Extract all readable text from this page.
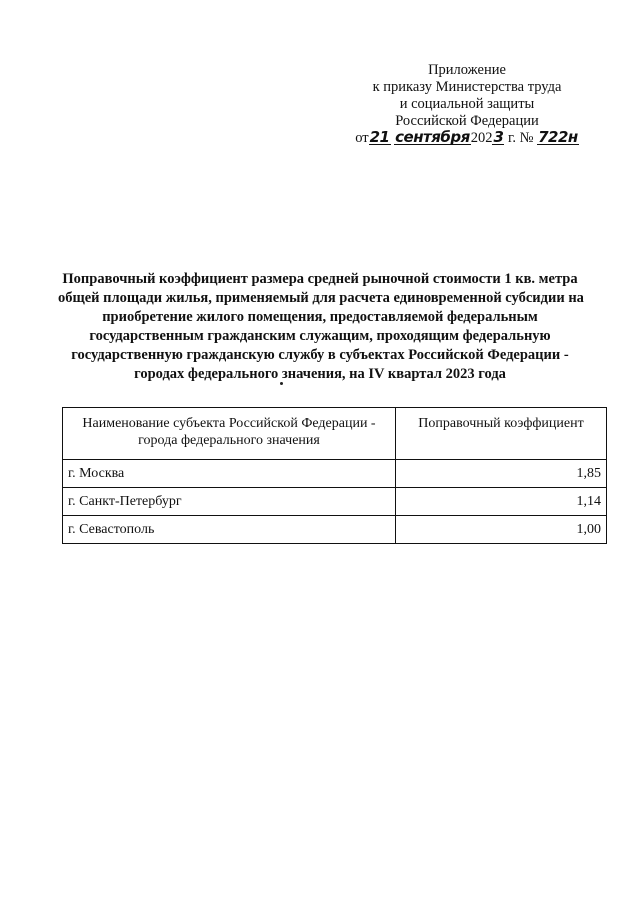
Приложение
к приказу Министерства труда
и социальной защиты
Российской Федерации
от21 сентября2023 г. № 722н
Поправочный коэффициент размера средней рыночной стоимости 1 кв. метра
общей площади жилья, применяемый для расчета единовременной субсидии на
приобретение жилого помещения, предоставляемой федеральным
государственным гражданским служащим, проходящим федеральную
государственную гражданскую службу в субъектах Российской Федерации -
городах федерального значения, на IV квартал 2023 года
Наименование субъекта Российской Федерации - города федерального значения	Поправочный коэффициент
г. Москва	1,85
г. Санкт-Петербург	1,14
г. Севастополь	1,00
